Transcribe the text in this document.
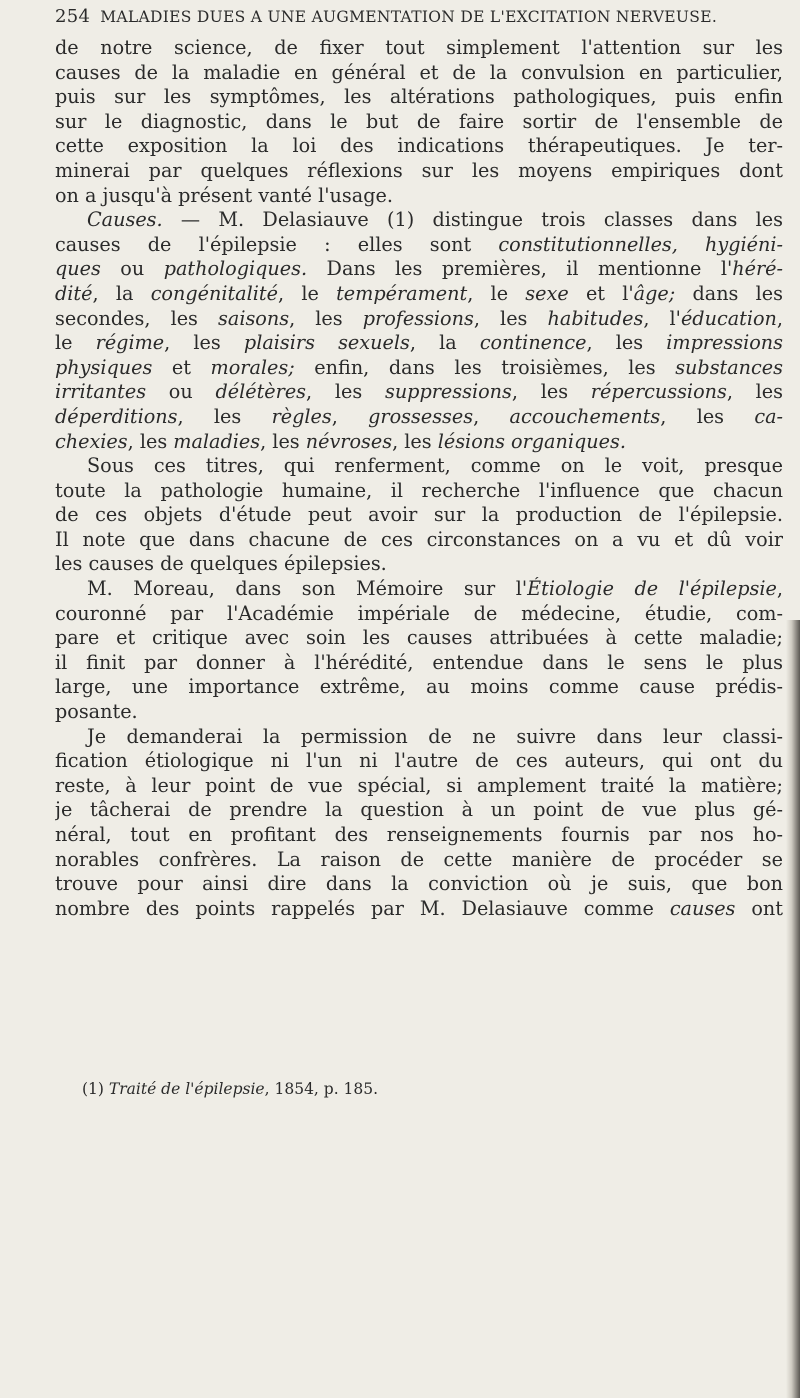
254 MALADIES DUES A UNE AUGMENTATION DE L'EXCITATION NERVEUSE.
de notre science, de fixer tout simplement l'attention sur les
causes de la maladie en général et de la convulsion en particulier,
puis sur les symptômes, les altérations pathologiques, puis enfin
sur le diagnostic, dans le but de faire sortir de l'ensemble de
cette exposition la loi des indications thérapeutiques. Je ter-
minerai par quelques réflexions sur les moyens empiriques dont
on a jusqu'à présent vanté l'usage.
Causes. — M. Delasiauve (1) distingue trois classes dans les
causes de l'épilepsie : elles sont constitutionnelles, hygiéni-
ques ou pathologiques. Dans les premières, il mentionne l'héré-
dité, la congénitalité, le tempérament, le sexe et l'âge; dans les
secondes, les saisons, les professions, les habitudes, l'éducation,
le régime, les plaisirs sexuels, la continence, les impressions
physiques et morales; enfin, dans les troisièmes, les substances
irritantes ou délétères, les suppressions, les répercussions, les
déperditions, les règles, grossesses, accouchements, les ca-
chexies, les maladies, les névroses, les lésions organiques.
Sous ces titres, qui renferment, comme on le voit, presque
toute la pathologie humaine, il recherche l'influence que chacun
de ces objets d'étude peut avoir sur la production de l'épilepsie.
Il note que dans chacune de ces circonstances on a vu et dû voir
les causes de quelques épilepsies.
M. Moreau, dans son Mémoire sur l'Étiologie de l'épilepsie,
couronné par l'Académie impériale de médecine, étudie, com-
pare et critique avec soin les causes attribuées à cette maladie;
il finit par donner à l'hérédité, entendue dans le sens le plus
large, une importance extrême, au moins comme cause prédis-
posante.
Je demanderai la permission de ne suivre dans leur classi-
fication étiologique ni l'un ni l'autre de ces auteurs, qui ont du
reste, à leur point de vue spécial, si amplement traité la matière;
je tâcherai de prendre la question à un point de vue plus gé-
néral, tout en profitant des renseignements fournis par nos ho-
norables confrères. La raison de cette manière de procéder se
trouve pour ainsi dire dans la conviction où je suis, que bon
nombre des points rappelés par M. Delasiauve comme causes ont
(1) Traité de l'épilepsie, 1854, p. 185.
